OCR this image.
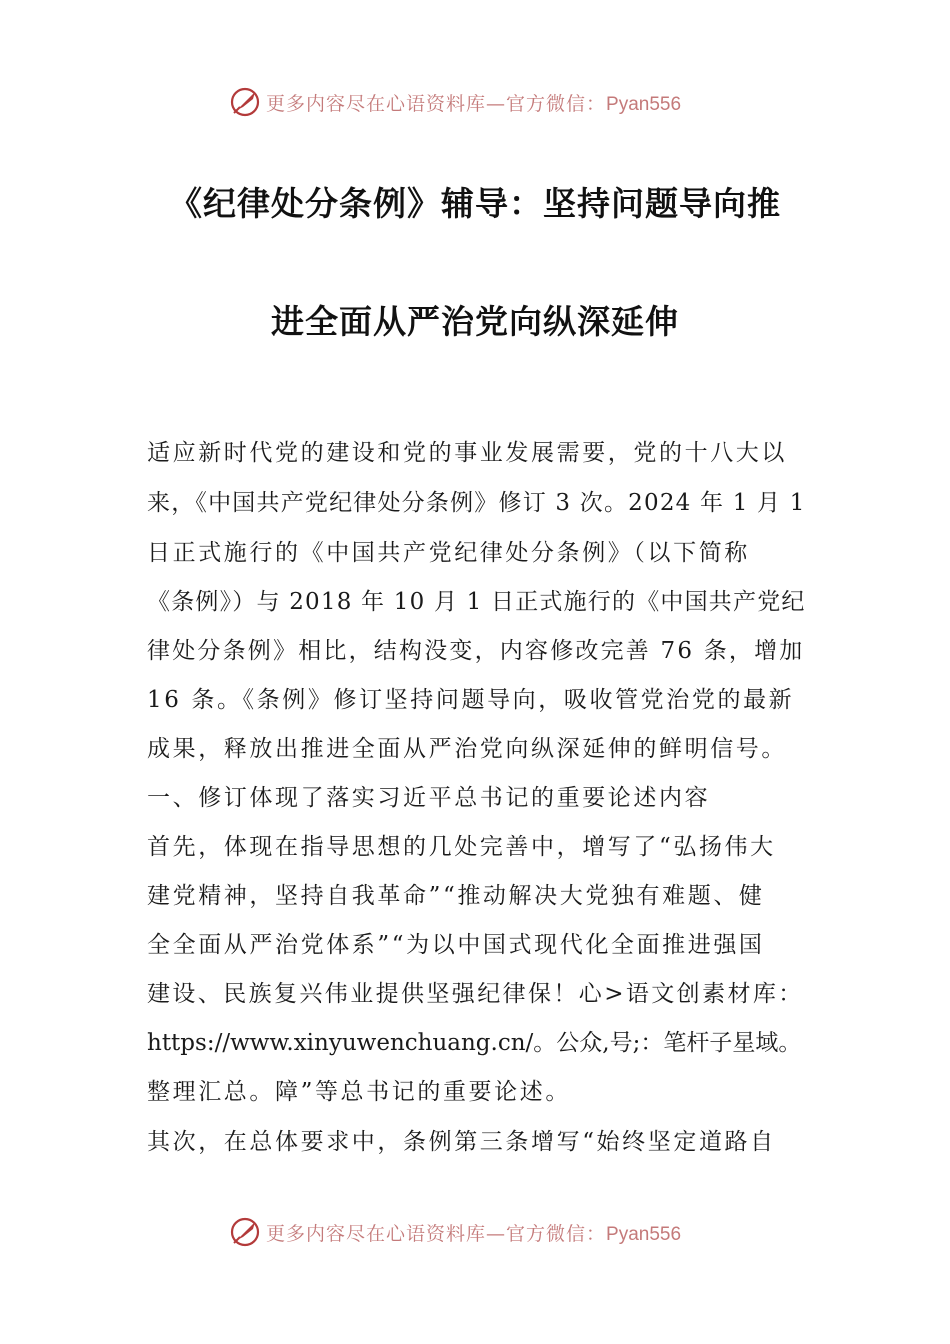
更多内容尽在心语资料库—官方微信：Pyan556
《纪律处分条例》辅导：坚持问题导向推
进全面从严治党向纵深延伸
适应新时代党的建设和党的事业发展需要，党的十八大以
来，《中国共产党纪律处分条例》修订 3 次。2024 年 1 月 1
日正式施行的《中国共产党纪律处分条例》（以下简称
《条例》）与 2018 年 10 月 1 日正式施行的《中国共产党纪
律处分条例》相比，结构没变，内容修改完善 76 条，增加
16 条。《条例》修订坚持问题导向，吸收管党治党的最新
成果，释放出推进全面从严治党向纵深延伸的鲜明信号。
一、修订体现了落实习近平总书记的重要论述内容
首先，体现在指导思想的几处完善中，增写了“弘扬伟大
建党精神，坚持自我革命”“推动解决大党独有难题、健
全全面从严治党体系”“为以中国式现代化全面推进强国
建设、民族复兴伟业提供坚强纪律保！心>语文创素材库：
https://www.xinyuwenchuang.cn/。公众,号;：笔杆子星域。
整理汇总。障”等总书记的重要论述。
其次，在总体要求中，条例第三条增写“始终坚定道路自
更多内容尽在心语资料库—官方微信：Pyan556
